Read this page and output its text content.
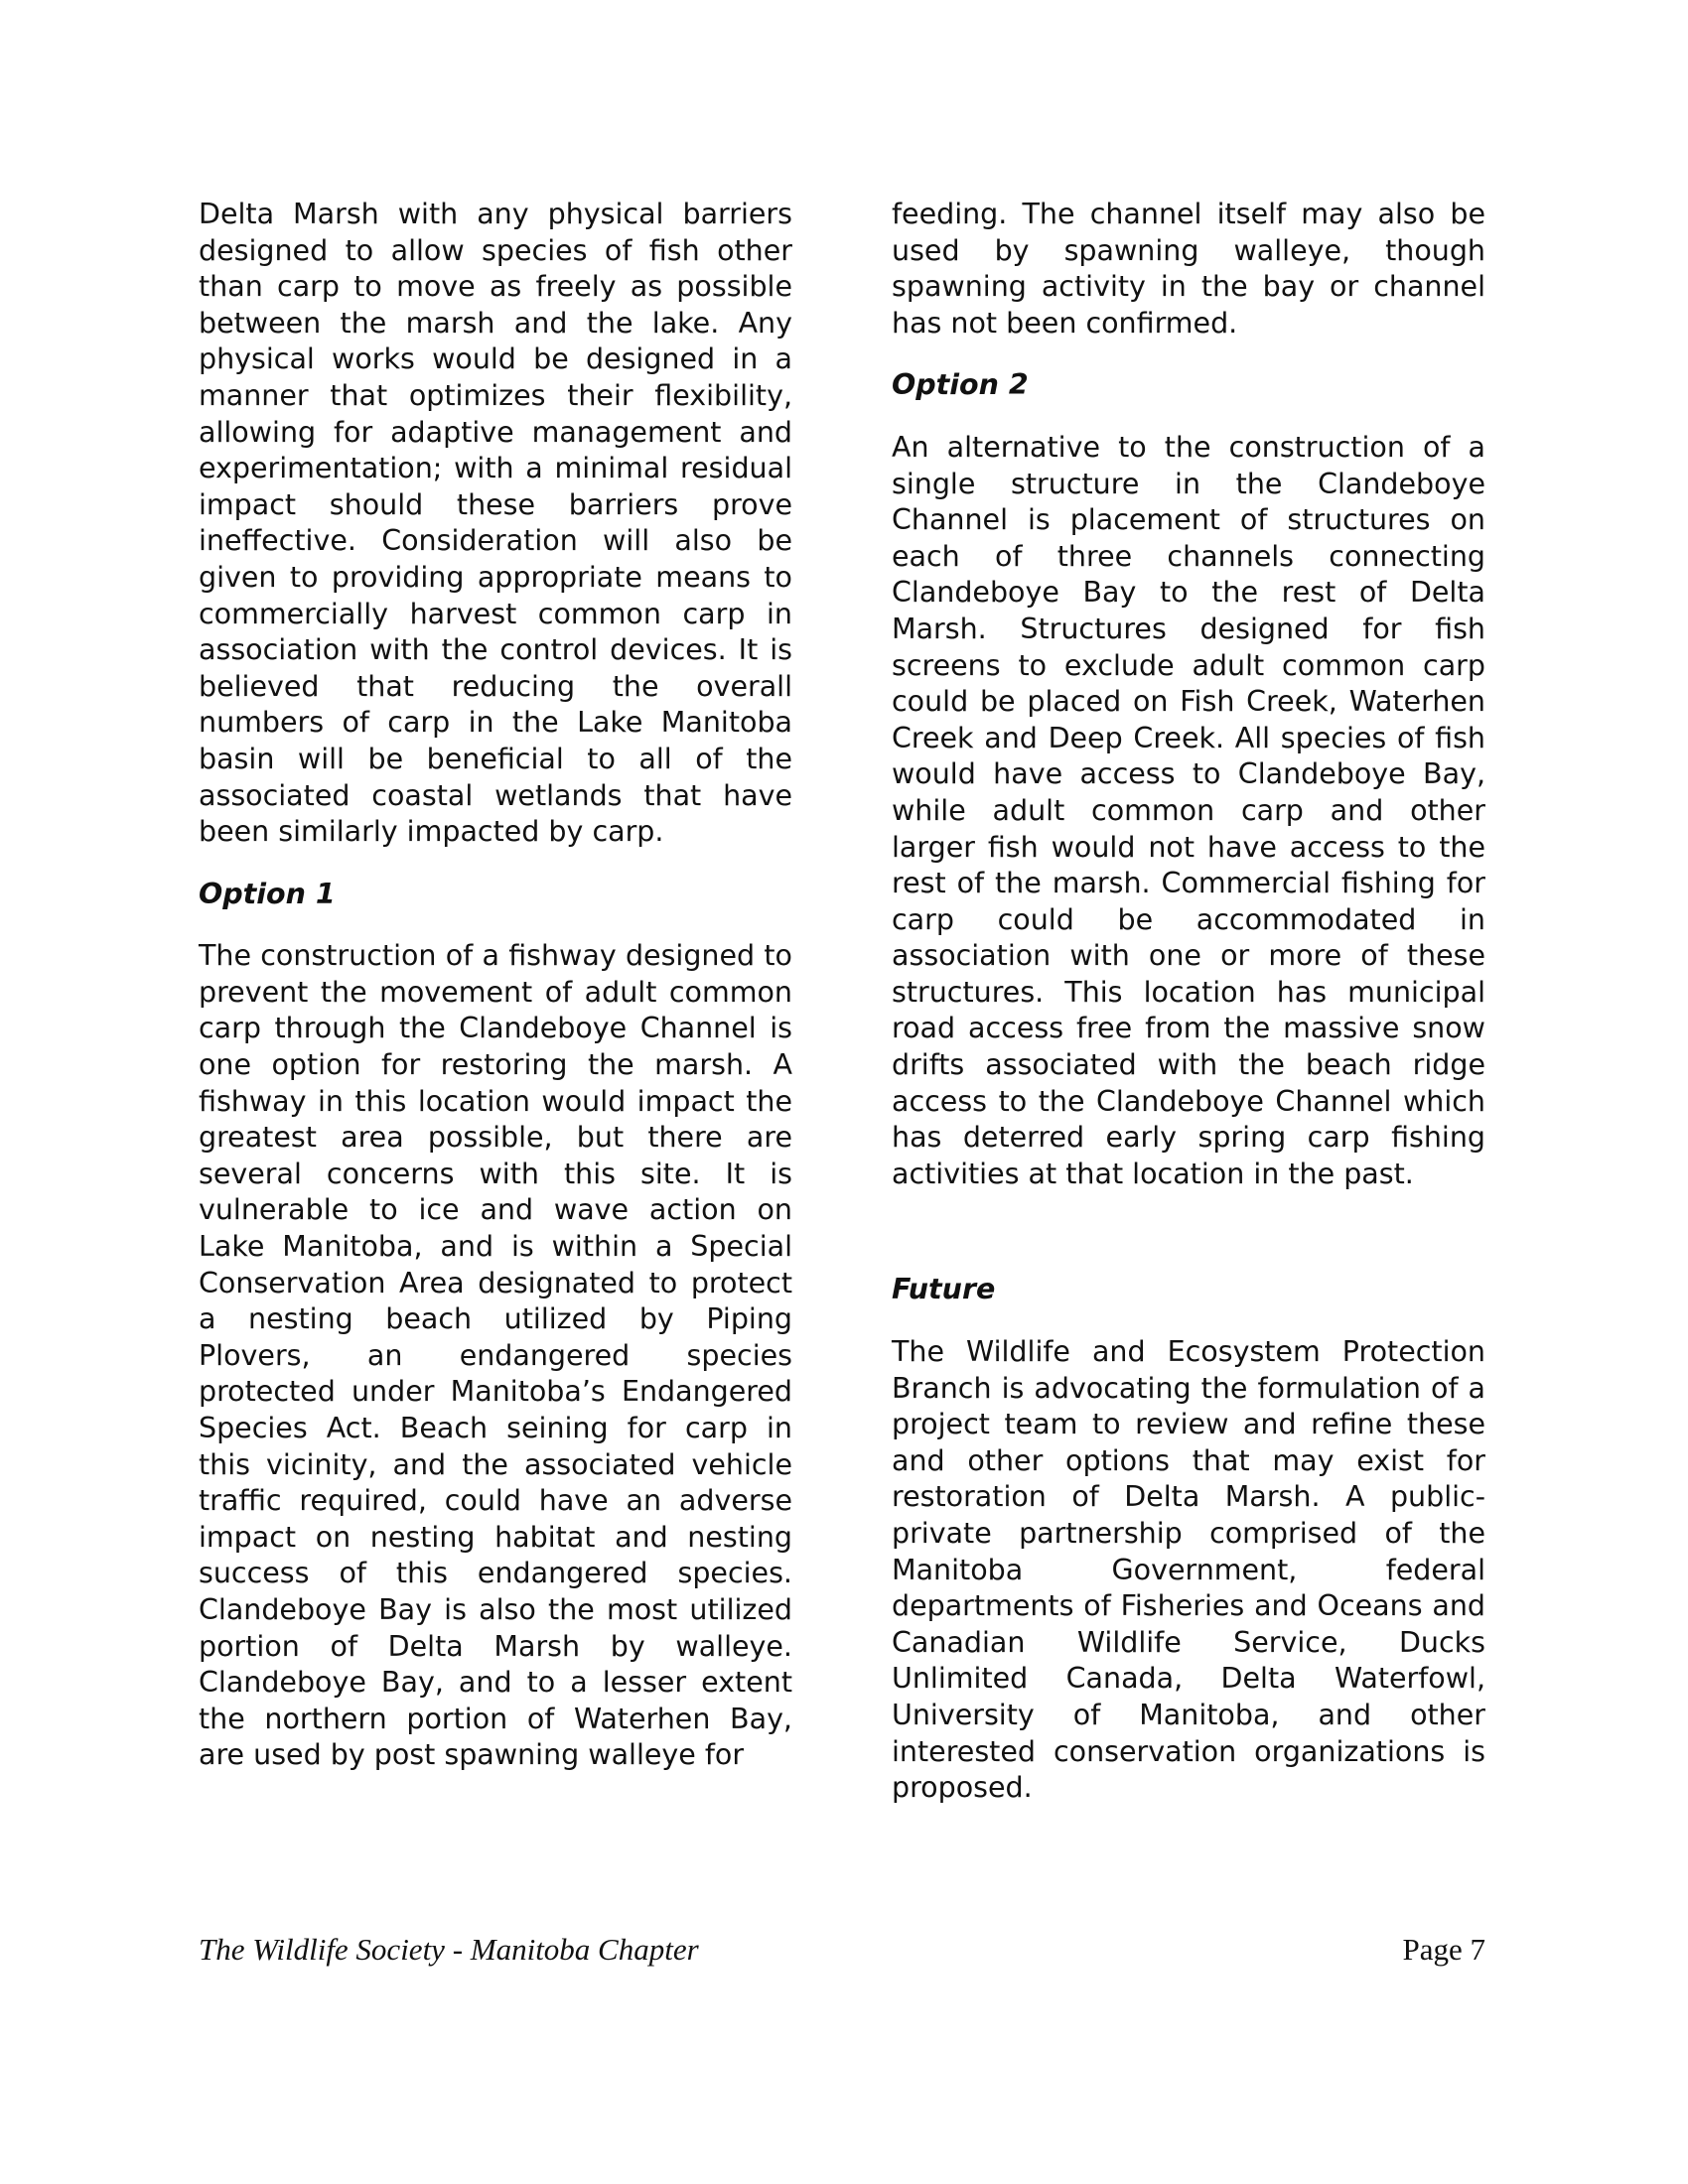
Delta Marsh with any physical barriers designed to allow species of fish other than carp to move as freely as possible between the marsh and the lake. Any physical works would be designed in a manner that optimizes their flexibility, allowing for adaptive management and experimentation; with a minimal residual impact should these barriers prove ineffective. Consideration will also be given to providing appropriate means to commercially harvest common carp in association with the control devices. It is believed that reducing the overall numbers of carp in the Lake Manitoba basin will be beneficial to all of the associated coastal wetlands that have been similarly impacted by carp.

Option 1

The construction of a fishway designed to prevent the movement of adult common carp through the Clandeboye Channel is one option for restoring the marsh. A fishway in this location would impact the greatest area possible, but there are several concerns with this site. It is vulnerable to ice and wave action on Lake Manitoba, and is within a Special Conservation Area designated to protect a nesting beach utilized by Piping Plovers, an endangered species protected under Manitoba’s Endangered Species Act. Beach seining for carp in this vicinity, and the associated vehicle traffic required, could have an adverse impact on nesting habitat and nesting success of this endangered species. Clandeboye Bay is also the most utilized portion of Delta Marsh by walleye. Clandeboye Bay, and to a lesser extent the northern portion of Waterhen Bay, are used by post spawning walleye for

feeding. The channel itself may also be used by spawning walleye, though spawning activity in the bay or channel has not been confirmed.

Option 2

An alternative to the construction of a single structure in the Clandeboye Channel is placement of structures on each of three channels connecting Clandeboye Bay to the rest of Delta Marsh. Structures designed for fish screens to exclude adult common carp could be placed on Fish Creek, Waterhen Creek and Deep Creek. All species of fish would have access to Clandeboye Bay, while adult common carp and other larger fish would not have access to the rest of the marsh. Commercial fishing for carp could be accommodated in association with one or more of these structures. This location has municipal road access free from the massive snow drifts associated with the beach ridge access to the Clandeboye Channel which has deterred early spring carp fishing activities at that location in the past.

Future

The Wildlife and Ecosystem Protection Branch is advocating the formulation of a project team to review and refine these and other options that may exist for restoration of Delta Marsh. A public-private partnership comprised of the Manitoba Government, federal departments of Fisheries and Oceans and Canadian Wildlife Service, Ducks Unlimited Canada, Delta Waterfowl, University of Manitoba, and other interested conservation organizations is proposed.

The Wildlife Society - Manitoba Chapter	Page 7
